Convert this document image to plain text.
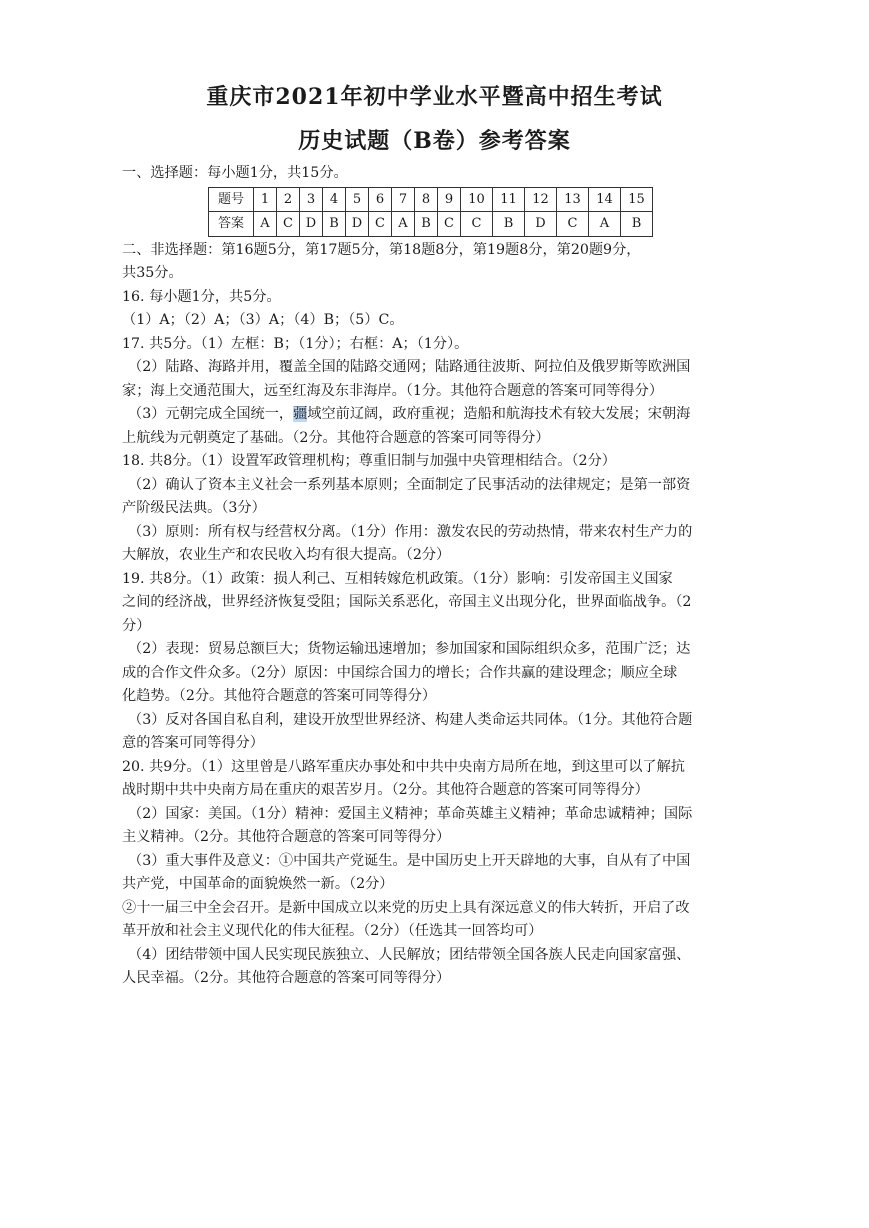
重庆市2021年初中学业水平暨高中招生考试
历史试题（B卷）参考答案

一、选择题：每小题1分，共15分。

题号	1	2	3	4	5	6	7	8	9	10	11	12	13	14	15
答案	A	C	D	B	D	C	A	B	C	C	B	D	C	A	B

二、非选择题：第16题5分，第17题5分，第18题8分，第19题8分，第20题9分，

共35分。

16. 每小题1分，共5分。

（1）A；（2）A；（3）A；（4）B；（5）C。

17. 共5分。（1）左框：B；（1分）；右框：A；（1分）。

（2）陆路、海路并用，覆盖全国的陆路交通网；陆路通往波斯、阿拉伯及俄罗斯等欧洲国

家；海上交通范围大，远至红海及东非海岸。（1分。其他符合题意的答案可同等得分）

（3）元朝完成全国统一，疆域空前辽阔，政府重视；造船和航海技术有较大发展；宋朝海

上航线为元朝奠定了基础。（2分。其他符合题意的答案可同等得分）

18. 共8分。（1）设置军政管理机构；尊重旧制与加强中央管理相结合。（2分）

（2）确认了资本主义社会一系列基本原则；全面制定了民事活动的法律规定；是第一部资

产阶级民法典。（3分）

（3）原则：所有权与经营权分离。（1分）作用：激发农民的劳动热情，带来农村生产力的

大解放，农业生产和农民收入均有很大提高。（2分）

19. 共8分。（1）政策：损人利己、互相转嫁危机政策。（1分）影响：引发帝国主义国家

之间的经济战，世界经济恢复受阻；国际关系恶化，帝国主义出现分化，世界面临战争。（2

分）

（2）表现：贸易总额巨大；货物运输迅速增加；参加国家和国际组织众多，范围广泛；达

成的合作文件众多。（2分）原因：中国综合国力的增长；合作共赢的建设理念；顺应全球

化趋势。（2分。其他符合题意的答案可同等得分）

（3）反对各国自私自利，建设开放型世界经济、构建人类命运共同体。（1分。其他符合题

意的答案可同等得分）

20. 共9分。（1）这里曾是八路军重庆办事处和中共中央南方局所在地，到这里可以了解抗

战时期中共中央南方局在重庆的艰苦岁月。（2分。其他符合题意的答案可同等得分）

（2）国家：美国。（1分）精神：爱国主义精神；革命英雄主义精神；革命忠诚精神；国际

主义精神。（2分。其他符合题意的答案可同等得分）

（3）重大事件及意义：①中国共产党诞生。是中国历史上开天辟地的大事，自从有了中国

共产党，中国革命的面貌焕然一新。（2分）

②十一届三中全会召开。是新中国成立以来党的历史上具有深远意义的伟大转折，开启了改

革开放和社会主义现代化的伟大征程。（2分）（任选其一回答均可）

（4）团结带领中国人民实现民族独立、人民解放；团结带领全国各族人民走向国家富强、

人民幸福。（2分。其他符合题意的答案可同等得分）
